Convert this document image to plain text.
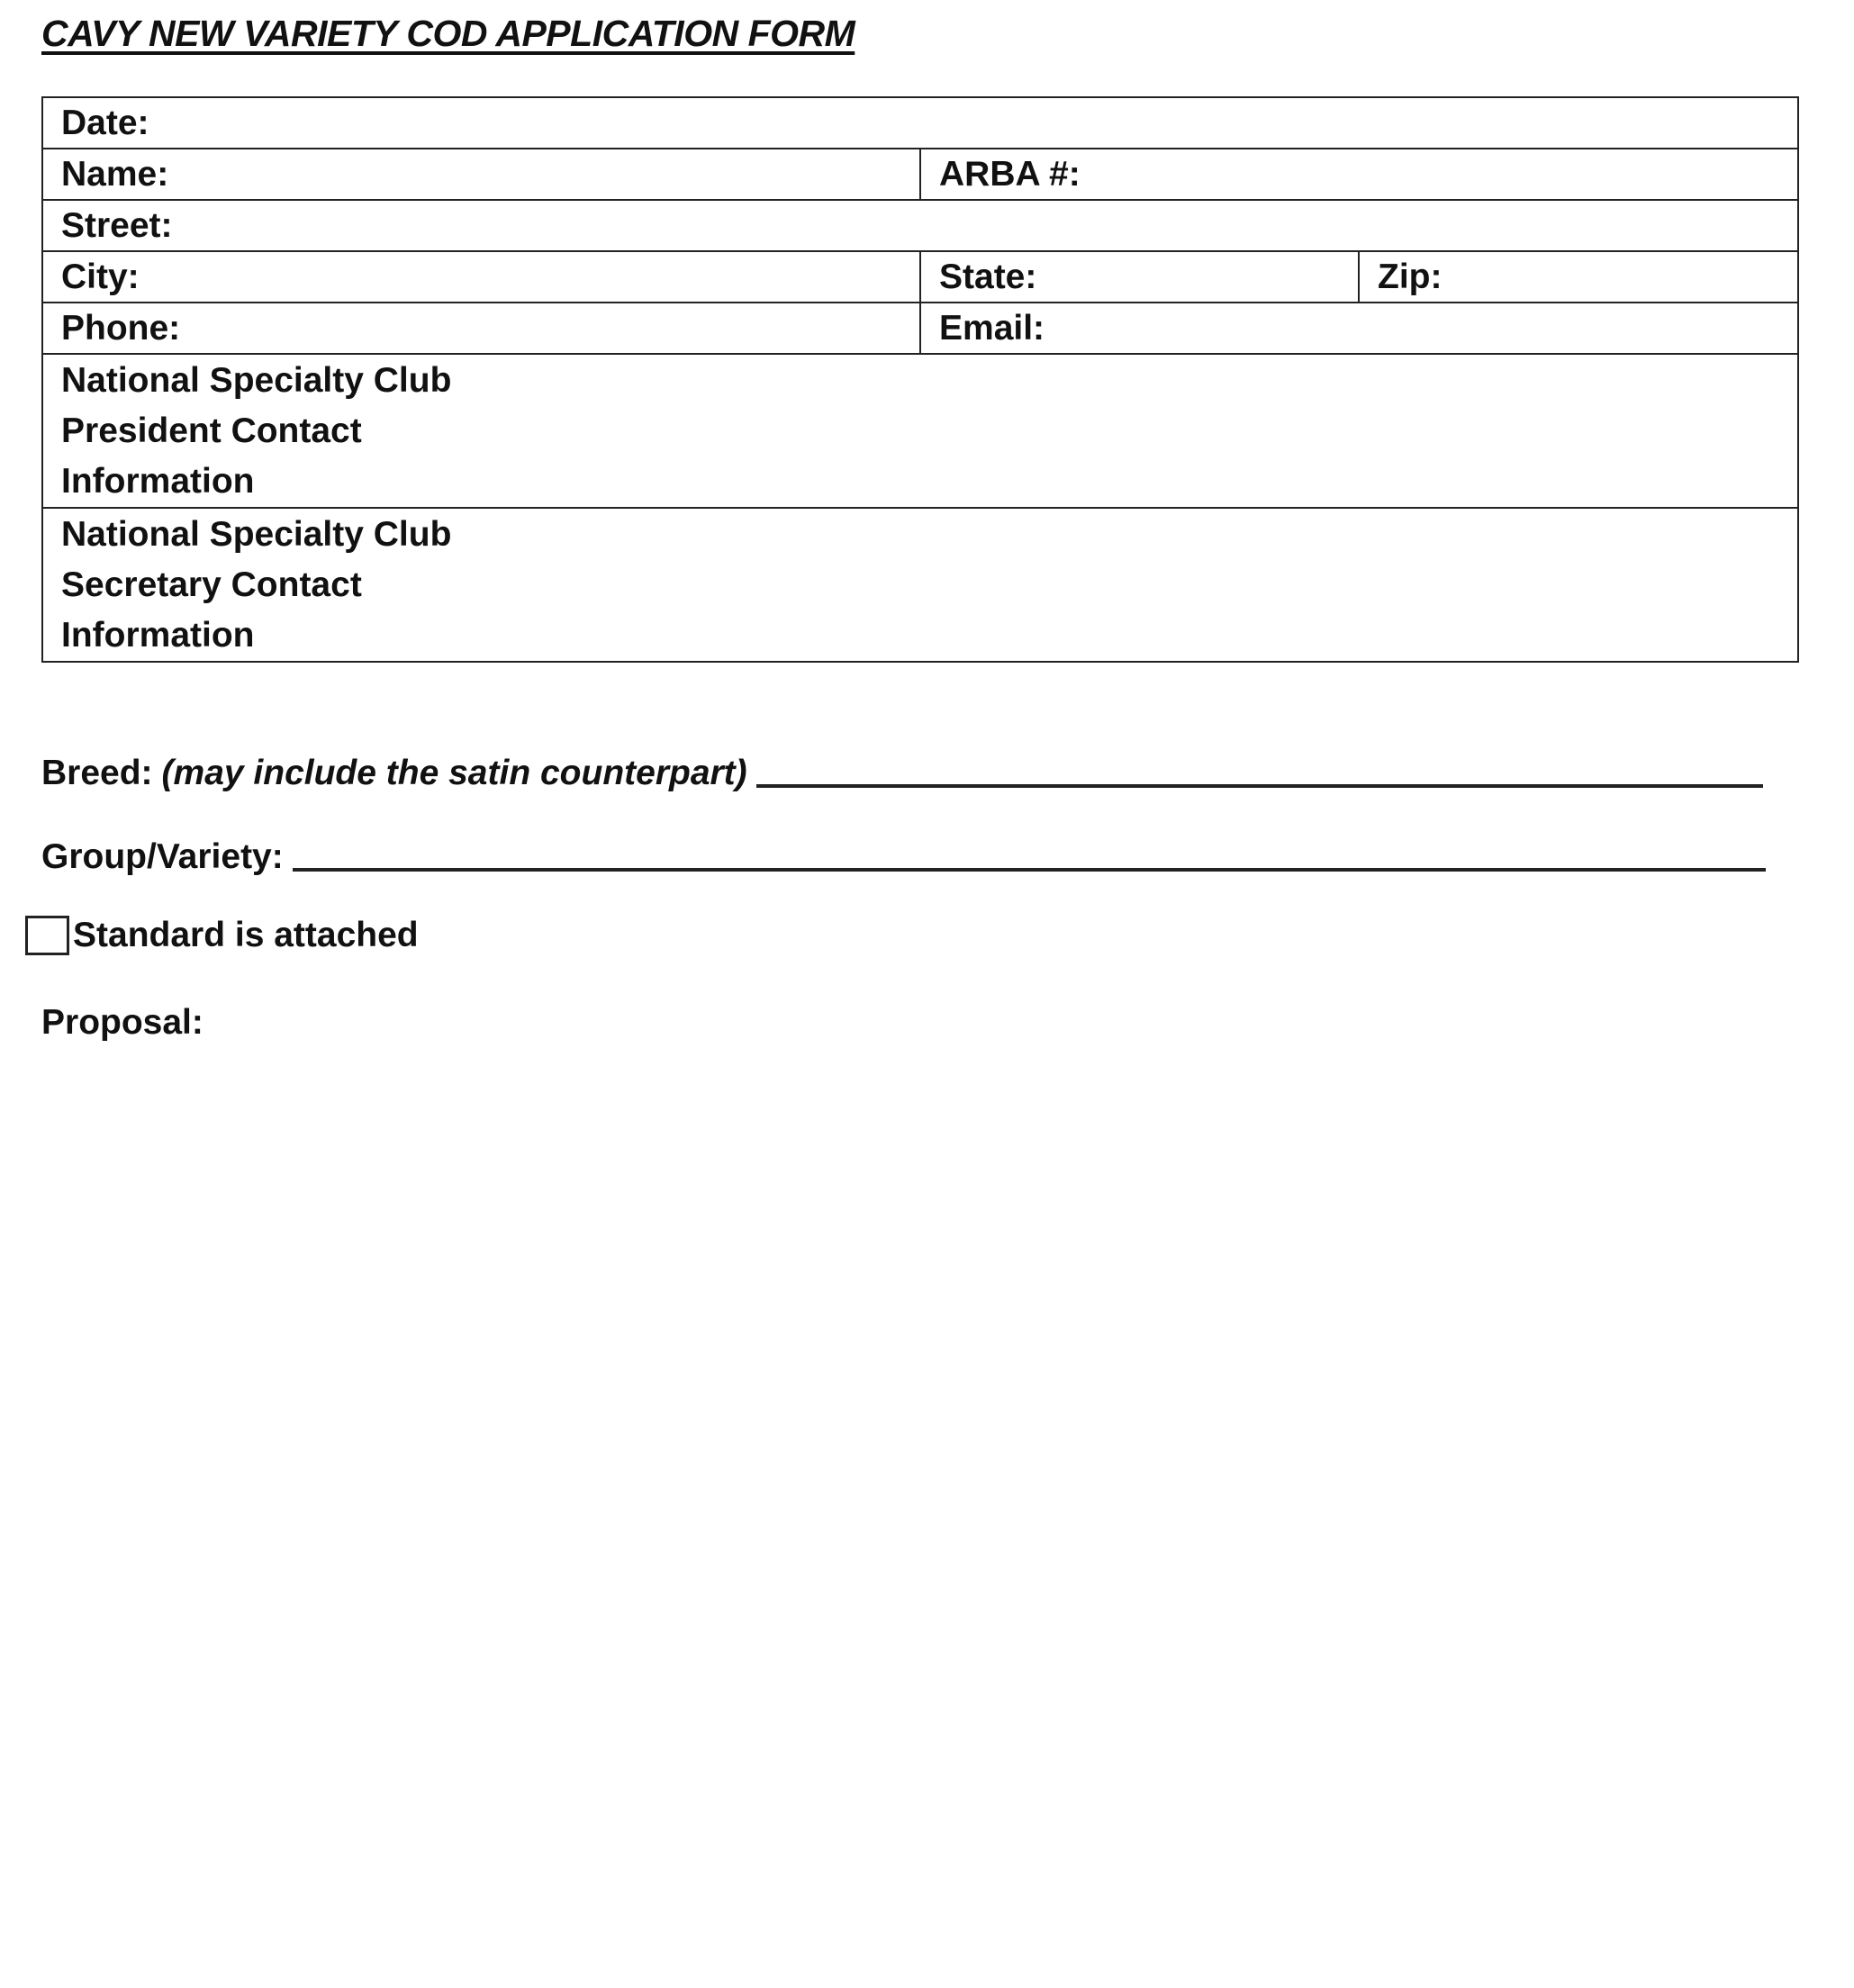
CAVY NEW VARIETY COD APPLICATION FORM
Date:		
Name:	ARBA #:	
Street:		
City:	State:	Zip:
Phone:	Email:	

National Specialty Club President Contact Information		

National Specialty Club Secretary Contact Information		
Breed: (may include the satin counterpart)
Group/Variety:
Standard is attached
Proposal:
